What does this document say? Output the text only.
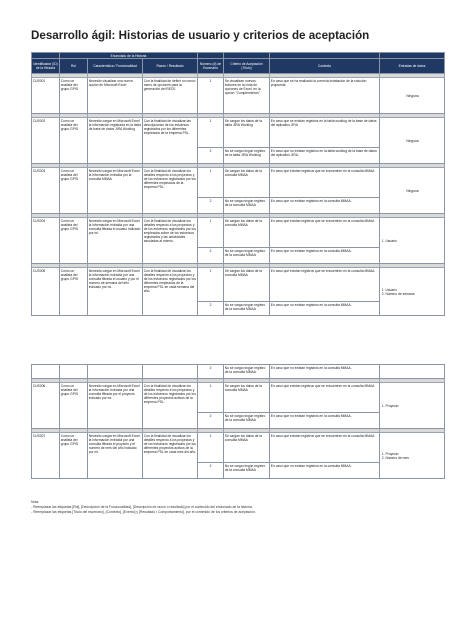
Desarrollo ágil: Historias de usuario y criterios de aceptación
	Enunciado de la Historia						
Identificador (ID) de la Historia	Rol	Característica / Funcionalidad	Razón / Resultado	Número (#) de Escenario	Criterio de Aceptación (Título)	Contexto	Entradas de datos

CUS001	Como un analista del grupo GPIS	Necesito visualizar una nueva opción de Microsoft Excel	Con la finalidad de definir un nuevo menú de opciones para la generación del RECE.	1	Se visualizan nuevos botones en la cinta de opciones de Excel, en la opción "Complementos"	En caso que se ha realizado la correcta instalación de la solución propuesta	Ninguna

CUS002	Como un analista del grupo GPIS	Necesito cargar en Microsoft Excel la información registrada en la tabla de base de datos JIRA Worklog	Con la finalidad de visualizar las descripciones de los esfuerzos registrados por los diferentes empleados de la empresa PSL.	1	Se cargan los datos de la tabla JIRA Worklog	En caso que se existan registros en la tabla worklog de la base de datos del aplicativo JIRA	Ninguna

				2	No se carga ningún registro de la tabla JIRA Worklog	En caso que no existan registros en la tabla worklog de la base de datos del aplicativo JIRA.	

CUS003	Como un analista del grupo GPIS	Necesito cargar en Microsoft Excel la información extraída por la consulta MMAA	Con la finalidad de visualizar los detalles respecto a los proyectos y de los esfuerzos registrados por los diferentes empleados de la empresa PSL.	1	Se cargan los datos de la consulta MMAA	En caso que existan registros que se encuentren en la consulta MMAA	Ninguna

				2	No se carga ningún registro de la consulta MMAA	En caso que no existan registros en la consulta MMAA.	

CUS004	Como un analista del grupo GPIS	Necesito cargar en Microsoft Excel la información extraída por una consulta filtrada el usuario indicado por mi.	Con la finalidad de visualizar los detalles respecto a los proyectos y de los esfuerzos registrados por los empleados sobre de los esfuerzos registrados y las actividades asociadas al mismo.	1	Se cargan los datos de la consulta MMAA	En caso que existan registros que se encuentren en la consulta MMAA	1. Usuario

				2	No se carga ningún registro de la consulta MMAA	En caso que no existan registros en la consulta MMAA.	

CUS005	Como un analista del grupo GPIS	Necesito cargar en Microsoft Excel la información extraída por una consulta filtrada el usuario y por el número de semana del año indicado por mí.	Con la finalidad de visualizar los detalles respecto a los proyectos y de los esfuerzos registrados por los diferentes empleados de la empresa PSL en cada semana del año.	1	Se cargan los datos de la consulta MMAA	En caso que existan registros que se encuentren en la consulta MMAA.	1. Usuario
2. Número de semana

				2	No se carga ningún registro de la consulta MMAA	En caso que no existan registros en la consulta MMAA.	
				2	No se carga ningún registro de la consulta MMAA.	En caso que no existan registros en la consulta MMAA.	

CUS006	Como un analista del grupo GPIS	Necesito cargar en Microsoft Excel la información extraída por una consulta filtrada por el proyecto indicado por mí.	Con la finalidad de visualizar los detalles respecto a los proyectos y de los esfuerzos registrados por los diferentes proyectos activos de la empresa PSL.	1	Se cargan los datos de la consulta MMAA	En caso que existan registros que se encuentren en la consulta MMAA	1. Proyecto

				2	No se carga ningún registro de la consulta MMAA	En caso que no existan registros en la consulta MMAA.	

CUS007	Como un analista del grupo GPIS	Necesito cargar en Microsoft Excel la información extraída por una consulta filtrada el proyecto y el número de mes del año indicado por mí.	Con la finalidad de visualizar los detalles respecto a los proyectos y de los esfuerzos registrados por los diferentes proyectos activos de la empresa PSL en cada mes del año.	1	Se cargan los datos de la consulta MMAA	En caso que existan registros que se encuentren en la consulta MMAA	1. Proyecto
2. Número de mes

				2	No se carga ningún registro de la consulta MMAA	En caso que no existan registros en la consulta MMAA.	
Nota:
- Reemplazar las etiquetas [Rol], [Descripción de la Funcionalidad], [Descripción de razón o resultado] por el contenido del enunciado de la historia.
- Reemplazar las etiquetas [Título del escenario], [Contexto], [Evento] y [Resultado / Comportamiento], por el contenido de los criterios de aceptación.
